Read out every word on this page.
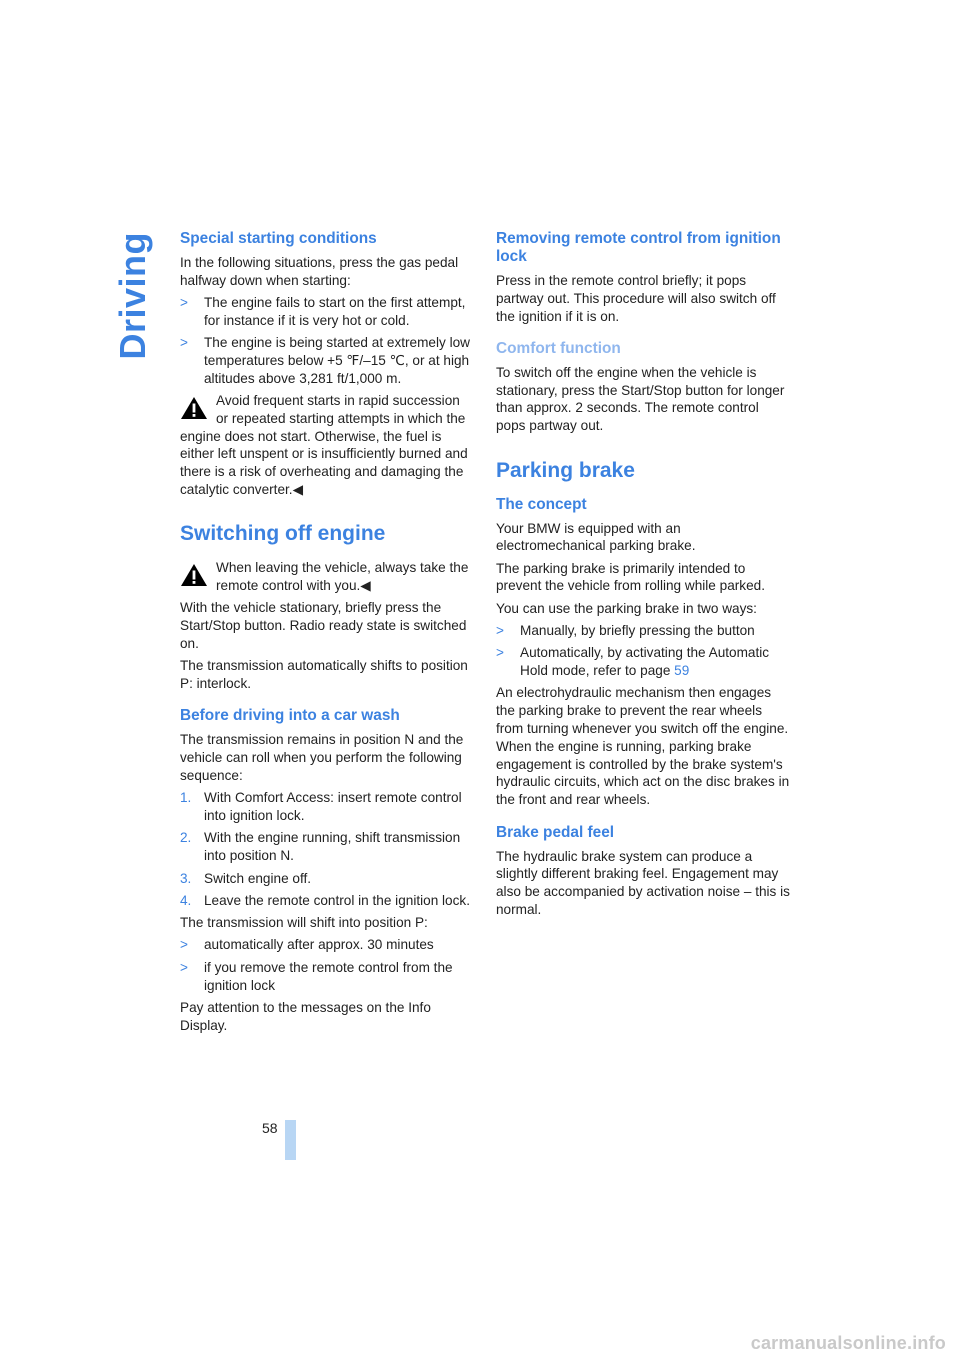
Driving Special starting conditions

In the following situations, press the gas pedal halfway down when starting:

> The engine fails to start on the first attempt, for instance if it is very hot or cold.
> The engine is being started at extremely low temperatures below +5 ℉/–15 ℃, or at high altitudes above 3,281 ft/1,000 m.
Avoid frequent starts in rapid succession or repeated starting attempts in which the engine does not start. Otherwise, the fuel is either left unspent or is insufficiently burned and there is a risk of overheating and damaging the catalytic converter.◀
Switching off engine
When leaving the vehicle, always take the remote control with you.◀

With the vehicle stationary, briefly press the Start/Stop button. Radio ready state is switched on.

The transmission automatically shifts to position P: interlock.

Before driving into a car wash

The transmission remains in position N and the vehicle can roll when you perform the following sequence:

1. With Comfort Access: insert remote control into ignition lock.
2. With the engine running, shift transmission into position N.
3. Switch engine off.
4. Leave the remote control in the ignition lock.

The transmission will shift into position P:

> automatically after approx. 30 minutes
> if you remove the remote control from the ignition lock

Pay attention to the messages on the Info Display.

Removing remote control from ignition lock

Press in the remote control briefly; it pops partway out. This procedure will also switch off the ignition if it is on.

Comfort function

To switch off the engine when the vehicle is stationary, press the Start/Stop button for longer than approx. 2 seconds. The remote control pops partway out.

Parking brake
The concept

Your BMW is equipped with an electromechanical parking brake.

The parking brake is primarily intended to prevent the vehicle from rolling while parked.

You can use the parking brake in two ways:

> Manually, by briefly pressing the button
> Automatically, by activating the Automatic Hold mode, refer to page 59

An electrohydraulic mechanism then engages the parking brake to prevent the rear wheels from turning whenever you switch off the engine.

When the engine is running, parking brake engagement is controlled by the brake system's hydraulic circuits, which act on the disc brakes in the front and rear wheels.

Brake pedal feel

The hydraulic brake system can produce a slightly different braking feel. Engagement may also be accompanied by activation noise – this is normal.

58
carmanualsonline.info
